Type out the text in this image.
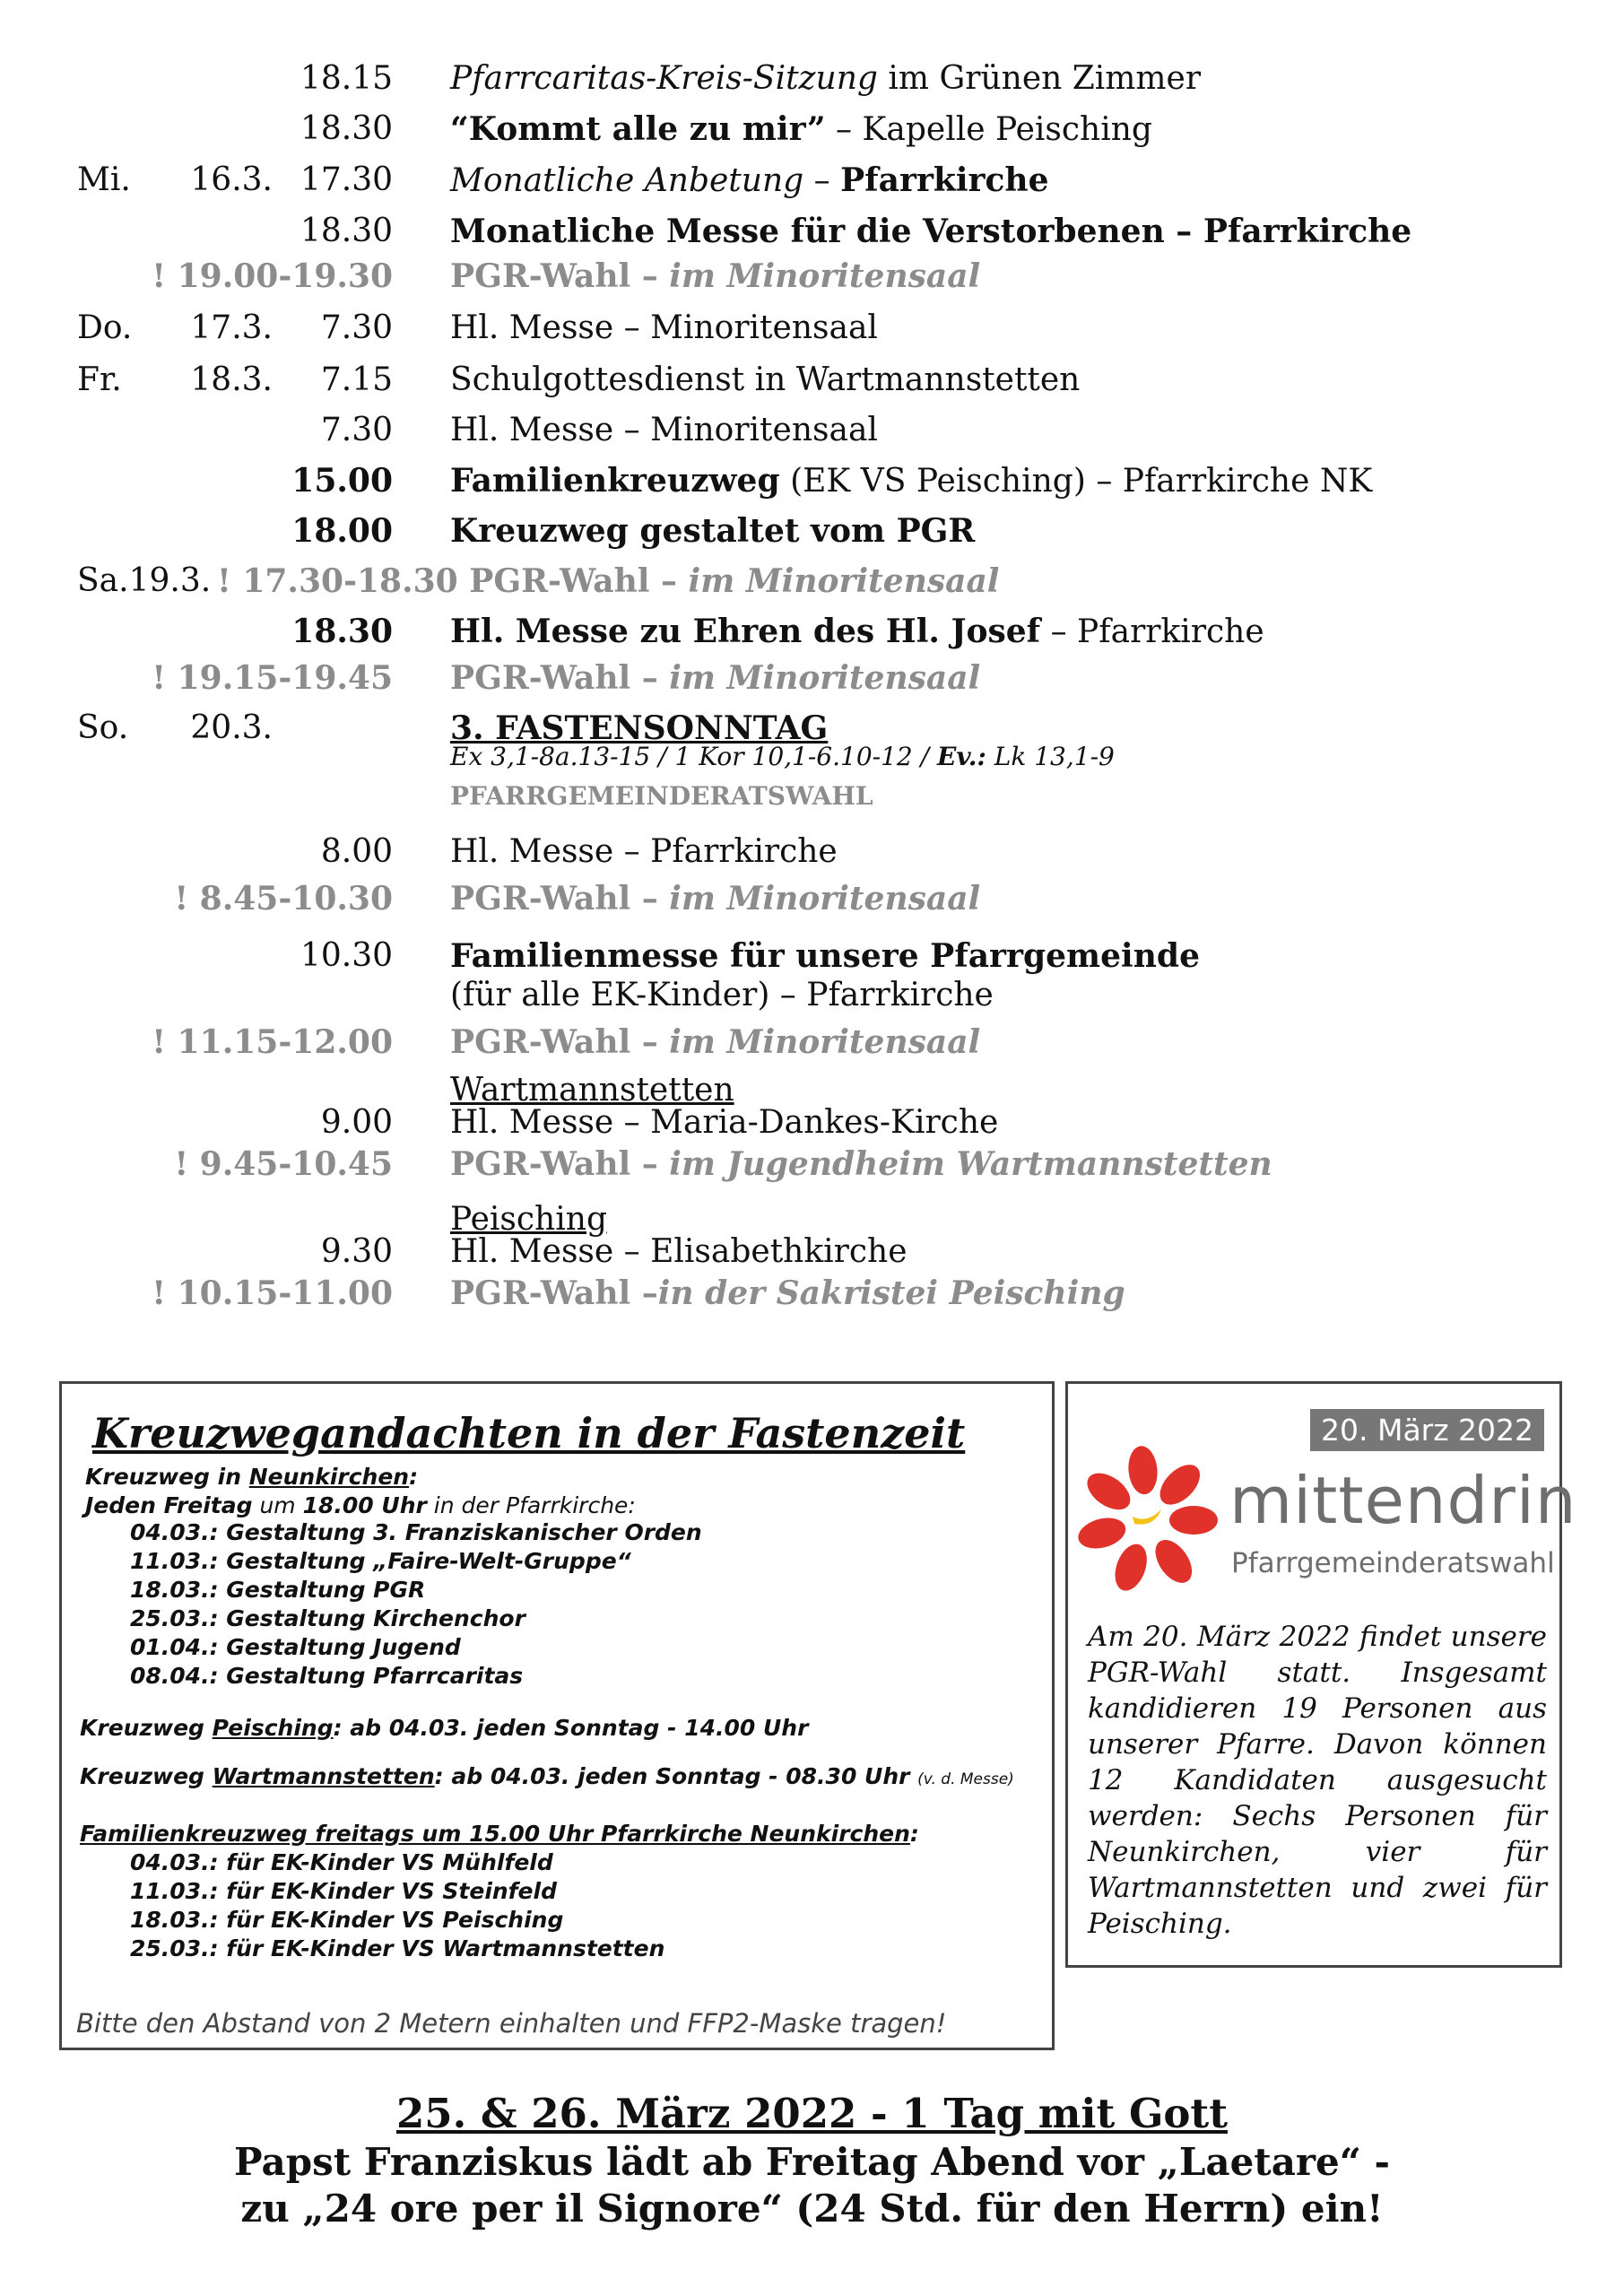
18.15 Pfarrcaritas-Kreis-Sitzung im Grünen Zimmer
18.30 “Kommt alle zu mir” – Kapelle Peisching
Mi. 16.3. 17.30 Monatliche Anbetung – Pfarrkirche
18.30 Monatliche Messe für die Verstorbenen – Pfarrkirche
! 19.00-19.30 PGR-Wahl – im Minoritensaal
Do. 17.3. 7.30 Hl. Messe – Minoritensaal
Fr. 18.3. 7.15 Schulgottesdienst in Wartmannstetten
7.30 Hl. Messe – Minoritensaal
15.00 Familienkreuzweg (EK VS Peisching) – Pfarrkirche NK
18.00 Kreuzweg gestaltet vom PGR
Sa.19.3. ! 17.30-18.30 PGR-Wahl – im Minoritensaal
18.30 Hl. Messe zu Ehren des Hl. Josef – Pfarrkirche
! 19.15-19.45 PGR-Wahl – im Minoritensaal
So. 20.3.	3. FASTENSONNTAG
Ex 3,1-8a.13-15 / 1 Kor 10,1-6.10-12 / Ev.: Lk 13,1-9
PFARRGEMEINDERATSWAHL
8.00 Hl. Messe – Pfarrkirche
! 8.45-10.30 PGR-Wahl – im Minoritensaal
10.30 Familienmesse für unsere Pfarrgemeinde
(für alle EK-Kinder) – Pfarrkirche
! 11.15-12.00 PGR-Wahl – im Minoritensaal
Wartmannstetten
9.00 Hl. Messe – Maria-Dankes-Kirche
! 9.45-10.45 PGR-Wahl – im Jugendheim Wartmannstetten
Peisching
9.30 Hl. Messe – Elisabethkirche
! 10.15-11.00 PGR-Wahl –in der Sakristei Peisching
Kreuzwegandachten in der Fastenzeit
Kreuzweg in Neunkirchen:
Jeden Freitag um 18.00 Uhr in der Pfarrkirche:
04.03.: Gestaltung 3. Franziskanischer Orden
11.03.: Gestaltung „Faire-Welt-Gruppe“
18.03.: Gestaltung PGR
25.03.: Gestaltung Kirchenchor
01.04.: Gestaltung Jugend
08.04.: Gestaltung Pfarrcaritas
Kreuzweg Peisching: ab 04.03. jeden Sonntag - 14.00 Uhr
Kreuzweg Wartmannstetten: ab 04.03. jeden Sonntag - 08.30 Uhr (v. d. Messe)
Familienkreuzweg freitags um 15.00 Uhr Pfarrkirche Neunkirchen:
04.03.: für EK-Kinder VS Mühlfeld
11.03.: für EK-Kinder VS Steinfeld
18.03.: für EK-Kinder VS Peisching
25.03.: für EK-Kinder VS Wartmannstetten
Bitte den Abstand von 2 Metern einhalten und FFP2-Maske tragen!
20. März 2022
mittendrin
Pfarrgemeinderatswahl
Am 20. März 2022 findet unsere PGR-Wahl statt. Insgesamt kandidieren 19 Personen aus unserer Pfarre. Davon können 12 Kandidaten ausgesucht werden: Sechs Personen für Neunkirchen, vier für Wartmannstetten und zwei für Peisching.
25. & 26. März 2022 - 1 Tag mit Gott
Papst Franziskus lädt ab Freitag Abend vor „Laetare“ -
zu „24 ore per il Signore“ (24 Std. für den Herrn) ein!
